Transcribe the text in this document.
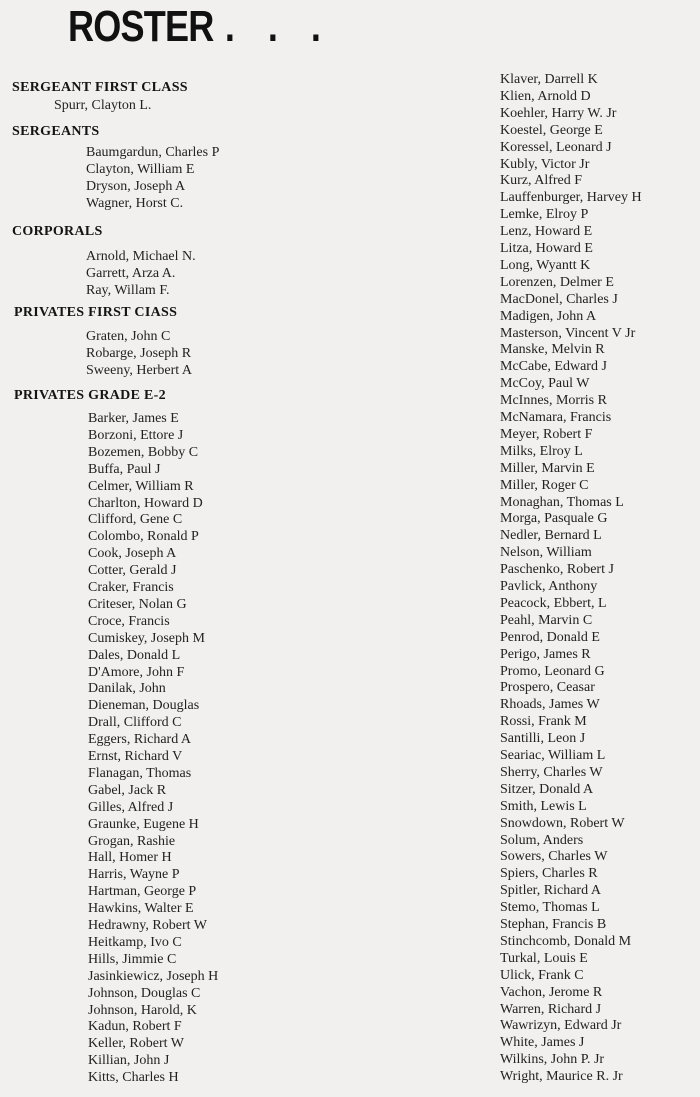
ROSTER . . .
SERGEANT FIRST CLASS
Spurr, Clayton L.
SERGEANTS
Baumgardun, Charles P
Clayton, William E
Dryson, Joseph A
Wagner, Horst C.
CORPORALS
Arnold, Michael N.
Garrett, Arza A.
Ray, Willam F.
PRIVATES FIRST CIASS
Graten, John C
Robarge, Joseph R
Sweeny, Herbert A
PRIVATES GRADE E-2
Barker, James E
Borzoni, Ettore J
Bozemen, Bobby C
Buffa, Paul J
Celmer, William R
Charlton, Howard D
Clifford, Gene C
Colombo, Ronald P
Cook, Joseph A
Cotter, Gerald J
Craker, Francis
Criteser, Nolan G
Croce, Francis
Cumiskey, Joseph M
Dales, Donald L
D'Amore, John F
Danilak, John
Dieneman, Douglas
Drall, Clifford C
Eggers, Richard A
Ernst, Richard V
Flanagan, Thomas
Gabel, Jack R
Gilles, Alfred J
Graunke, Eugene H
Grogan, Rashie
Hall, Homer H
Harris, Wayne P
Hartman, George P
Hawkins, Walter E
Hedrawny, Robert W
Heitkamp, Ivo C
Hills, Jimmie C
Jasinkiewicz, Joseph H
Johnson, Douglas C
Johnson, Harold, K
Kadun, Robert F
Keller, Robert W
Killian, John J
Kitts, Charles H
Klaver, Darrell K
Klien, Arnold D
Koehler, Harry W. Jr
Koestel, George E
Koressel, Leonard J
Kubly, Victor Jr
Kurz, Alfred F
Lauffenburger, Harvey H
Lemke, Elroy P
Lenz, Howard E
Litza, Howard E
Long, Wyantt K
Lorenzen, Delmer E
MacDonel, Charles J
Madigen, John A
Masterson, Vincent V Jr
Manske, Melvin R
McCabe, Edward J
McCoy, Paul W
McInnes, Morris R
McNamara, Francis
Meyer, Robert F
Milks, Elroy L
Miller, Marvin E
Miller, Roger C
Monaghan, Thomas L
Morga, Pasquale G
Nedler, Bernard L
Nelson, William
Paschenko, Robert J
Pavlick, Anthony
Peacock, Ebbert, L
Peahl, Marvin C
Penrod, Donald E
Perigo, James R
Promo, Leonard G
Prospero, Ceasar
Rhoads, James W
Rossi, Frank M
Santilli, Leon J
Seariac, William L
Sherry, Charles W
Sitzer, Donald A
Smith, Lewis L
Snowdown, Robert W
Solum, Anders
Sowers, Charles W
Spiers, Charles R
Spitler, Richard A
Stemo, Thomas L
Stephan, Francis B
Stinchcomb, Donald M
Turkal, Louis E
Ulick, Frank C
Vachon, Jerome R
Warren, Richard J
Wawrizyn, Edward Jr
White, James J
Wilkins, John P. Jr
Wright, Maurice R. Jr
